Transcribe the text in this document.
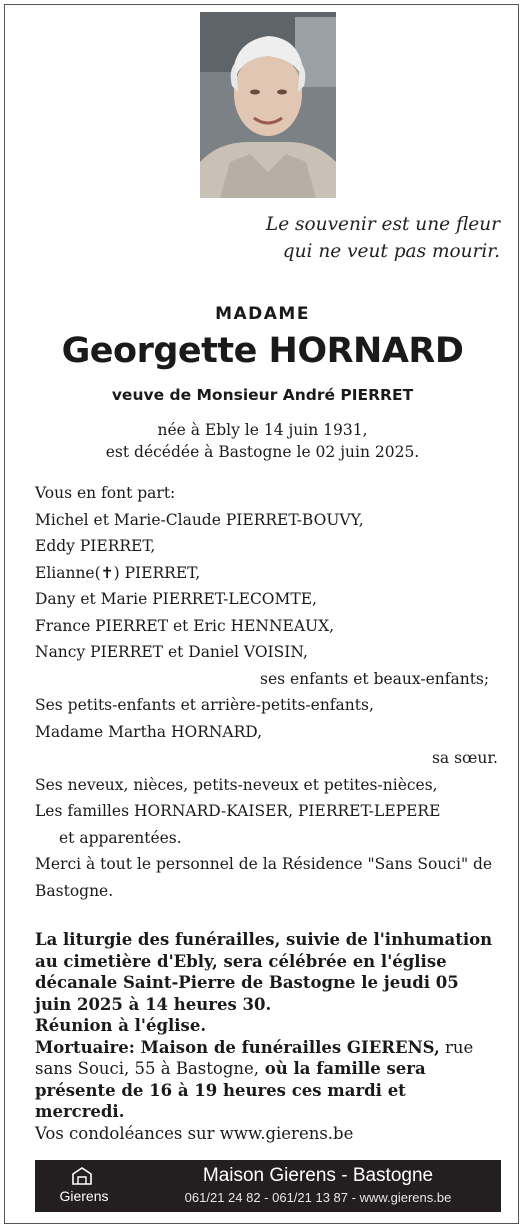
Le souvenir est une fleur
qui ne veut pas mourir.
MADAME
Georgette HORNARD
veuve de Monsieur André PIERRET
née à Ebly le 14 juin 1931,
est décédée à Bastogne le 02 juin 2025.
Vous en font part:
Michel et Marie-Claude PIERRET-BOUVY,
Eddy PIERRET,
Elianne(✝) PIERRET,
Dany et Marie PIERRET-LECOMTE,
France PIERRET et Eric HENNEAUX,
Nancy PIERRET et Daniel VOISIN,
ses enfants et beaux-enfants;
Ses petits-enfants et arrière-petits-enfants,
Madame Martha HORNARD,
sa sœur.
Ses neveux, nièces, petits-neveux et petites-nièces,
Les familles HORNARD-KAISER, PIERRET-LEPERE
et apparentées.
Merci à tout le personnel de la Résidence "Sans Souci" de Bastogne.
La liturgie des funérailles, suivie de l'inhumation au cimetière d'Ebly, sera célébrée en l'église décanale Saint-Pierre de Bastogne le jeudi 05 juin 2025 à 14 heures 30.
Réunion à l'église.
Mortuaire: Maison de funérailles GIERENS, rue sans Souci, 55 à Bastogne, où la famille sera présente de 16 à 19 heures ces mardi et mercredi.
Vos condoléances sur www.gierens.be
Gierens
Maison Gierens - Bastogne
061/21 24 82 - 061/21 13 87 - www.gierens.be
